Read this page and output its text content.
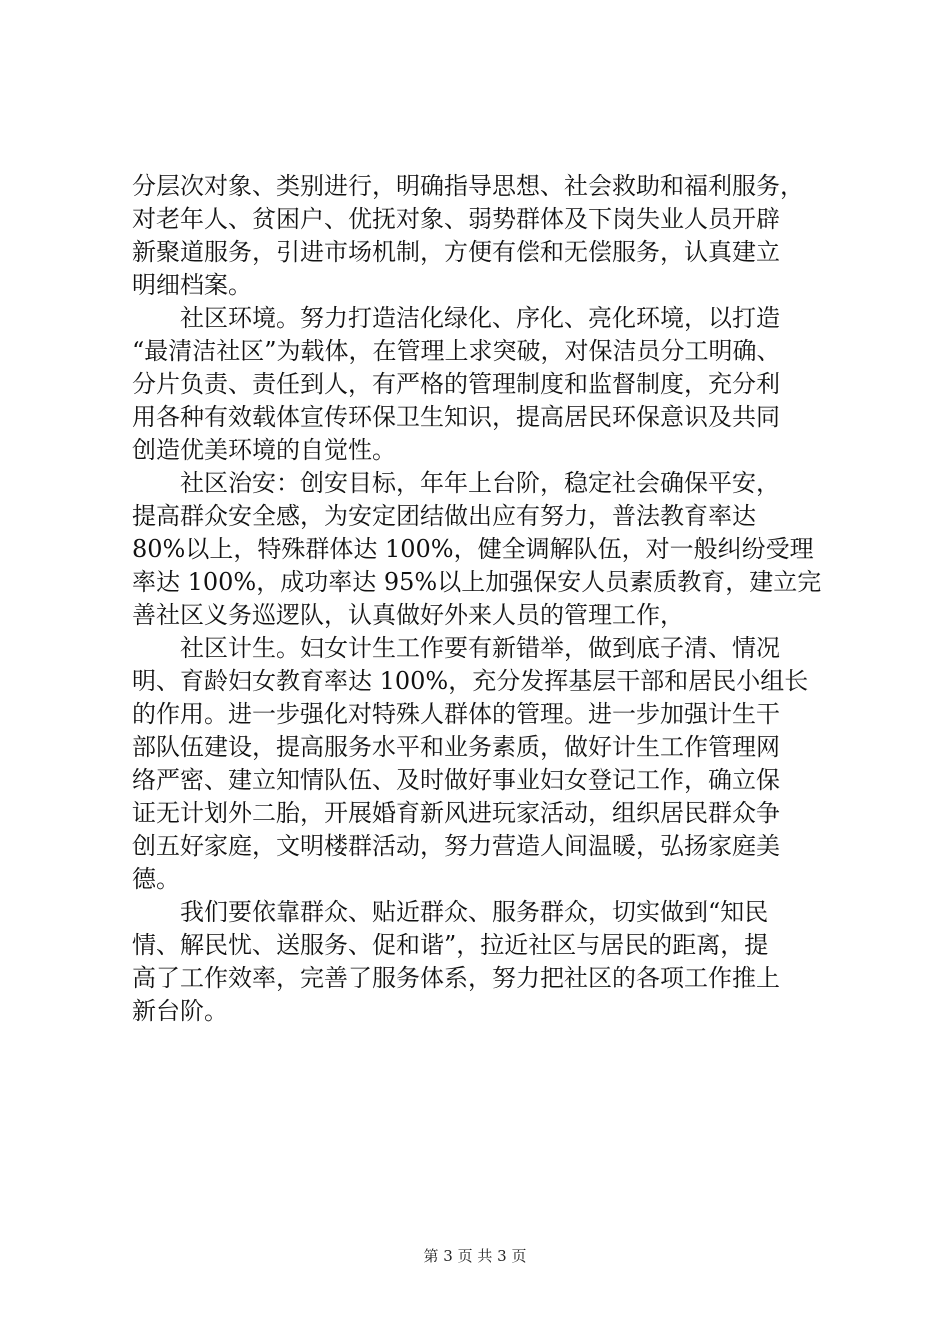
分层次对象、类别进行，明确指导思想、社会救助和福利服务，
对老年人、贫困户、优抚对象、弱势群体及下岗失业人员开辟
新聚道服务，引进市场机制，方便有偿和无偿服务，认真建立
明细档案。
　　社区环境。努力打造洁化绿化、序化、亮化环境，以打造
“最清洁社区”为载体，在管理上求突破，对保洁员分工明确、
分片负责、责任到人，有严格的管理制度和监督制度，充分利
用各种有效载体宣传环保卫生知识，提高居民环保意识及共同
创造优美环境的自觉性。
　　社区治安：创安目标，年年上台阶，稳定社会确保平安，
提高群众安全感，为安定团结做出应有努力，普法教育率达
80%以上，特殊群体达 100%，健全调解队伍，对一般纠纷受理
率达 100%，成功率达 95%以上加强保安人员素质教育，建立完
善社区义务巡逻队，认真做好外来人员的管理工作，
　　社区计生。妇女计生工作要有新错举，做到底子清、情况
明、育龄妇女教育率达 100%，充分发挥基层干部和居民小组长
的作用。进一步强化对特殊人群体的管理。进一步加强计生干
部队伍建设，提高服务水平和业务素质，做好计生工作管理网
络严密、建立知情队伍、及时做好事业妇女登记工作，确立保
证无计划外二胎，开展婚育新风进玩家活动，组织居民群众争
创五好家庭，文明楼群活动，努力营造人间温暖，弘扬家庭美
德。
　　我们要依靠群众、贴近群众、服务群众，切实做到“知民
情、解民忧、送服务、促和谐”，拉近社区与居民的距离，提
高了工作效率，完善了服务体系，努力把社区的各项工作推上
新台阶。
第 3 页 共 3 页
